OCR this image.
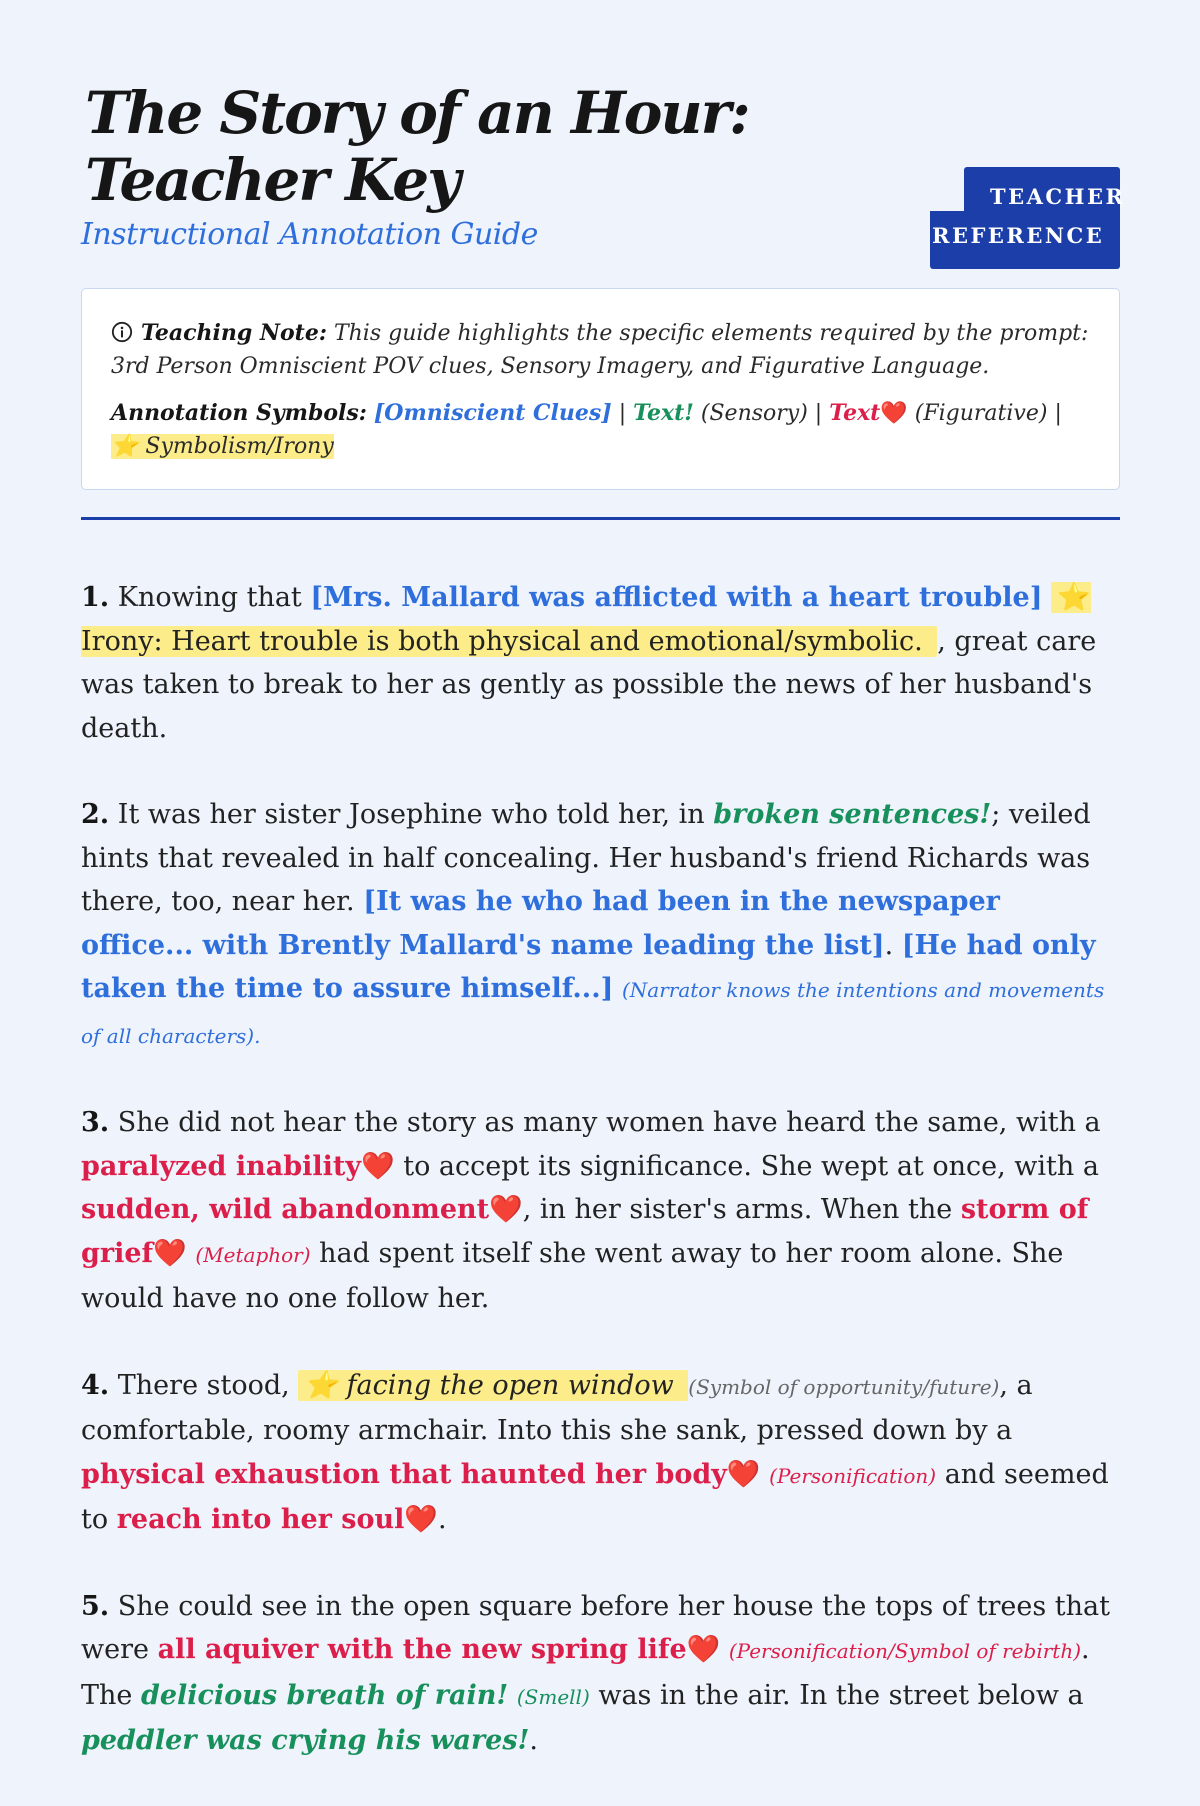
The Story of an Hour:
Teacher Key
Instructional Annotation Guide	REFERENCE
TEACHER

Teaching Note: This guide highlights the specific elements required by the prompt: 3rd Person Omniscient POV clues, Sensory Imagery, and Figurative Language.

Annotation Symbols: [Omniscient Clues] | Text! (Sensory) | Text❤️ (Figurative) | ⭐ Symbolism/Irony

1. Knowing that [Mrs. Mallard was afflicted with a heart trouble] ⭐ Irony: Heart trouble is both physical and emotional/symbolic. , great care was taken to break to her as gently as possible the news of her husband's death.

2. It was her sister Josephine who told her, in broken sentences!; veiled hints that revealed in half concealing. Her husband's friend Richards was there, too, near her. [It was he who had been in the newspaper office... with Brently Mallard's name leading the list]. [He had only taken the time to assure himself...] (Narrator knows the intentions and movements of all characters).

3. She did not hear the story as many women have heard the same, with a paralyzed inability❤️ to accept its significance. She wept at once, with a sudden, wild abandonment❤️, in her sister's arms. When the storm of grief❤️ (Metaphor) had spent itself she went away to her room alone. She would have no one follow her.

4. There stood, ⭐ facing the open window (Symbol of opportunity/future), a comfortable, roomy armchair. Into this she sank, pressed down by a physical exhaustion that haunted her body❤️ (Personification) and seemed to reach into her soul❤️.

5. She could see in the open square before her house the tops of trees that were all aquiver with the new spring life❤️ (Personification/Symbol of rebirth). The delicious breath of rain! (Smell) was in the air. In the street below a peddler was crying his wares!.
